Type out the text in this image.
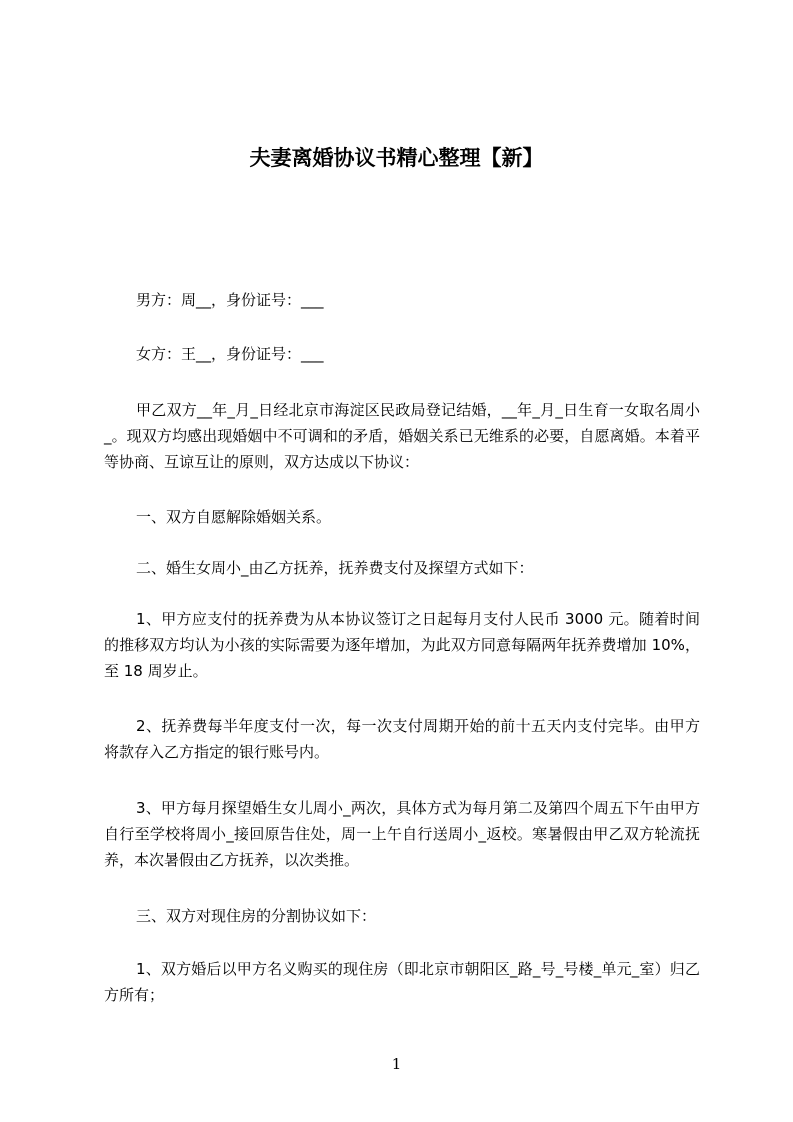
夫妻离婚协议书精心整理【新】

男方：周__，身份证号：___

女方：王__，身份证号：___

甲乙双方__年_月_日经北京市海淀区民政局登记结婚，__年_月_日生育一女取名周小_。现双方均感出现婚姻中不可调和的矛盾，婚姻关系已无维系的必要，自愿离婚。本着平等协商、互谅互让的原则，双方达成以下协议：

一、双方自愿解除婚姻关系。

二、婚生女周小_由乙方抚养，抚养费支付及探望方式如下：

1、甲方应支付的抚养费为从本协议签订之日起每月支付人民币 3000 元。随着时间的推移双方均认为小孩的实际需要为逐年增加，为此双方同意每隔两年抚养费增加 10%，至 18 周岁止。

2、抚养费每半年度支付一次，每一次支付周期开始的前十五天内支付完毕。由甲方将款存入乙方指定的银行账号内。

3、甲方每月探望婚生女儿周小_两次，具体方式为每月第二及第四个周五下午由甲方自行至学校将周小_接回原告住处，周一上午自行送周小_返校。寒暑假由甲乙双方轮流抚养，本次暑假由乙方抚养，以次类推。

三、双方对现住房的分割协议如下：

1、双方婚后以甲方名义购买的现住房（即北京市朝阳区_路_号_号楼_单元_室）归乙方所有；

1
